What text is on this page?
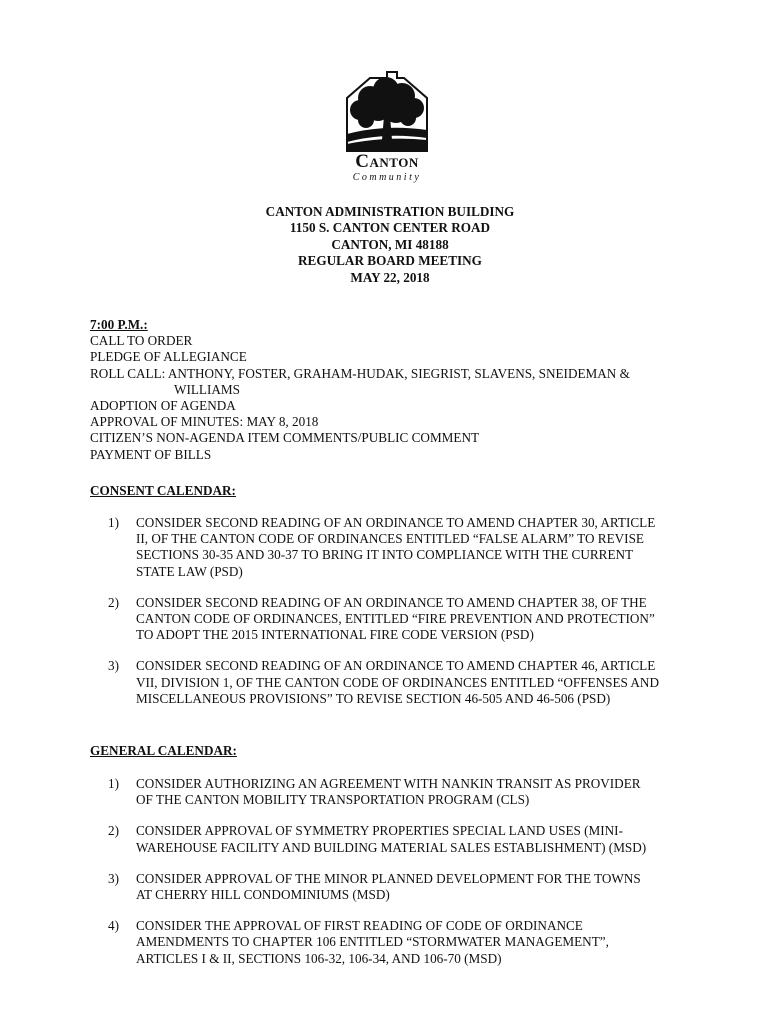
Canton
Community
CANTON ADMINISTRATION BUILDING
1150 S. CANTON CENTER ROAD
CANTON, MI 48188
REGULAR BOARD MEETING
MAY 22, 2018
7:00 P.M.:
CALL TO ORDER
PLEDGE OF ALLEGIANCE
ROLL CALL: ANTHONY, FOSTER, GRAHAM-HUDAK, SIEGRIST, SLAVENS, SNEIDEMAN &
WILLIAMS
ADOPTION OF AGENDA
APPROVAL OF MINUTES: MAY 8, 2018
CITIZEN’S NON-AGENDA ITEM COMMENTS/PUBLIC COMMENT
PAYMENT OF BILLS
CONSENT CALENDAR:
1) CONSIDER SECOND READING OF AN ORDINANCE TO AMEND CHAPTER 30, ARTICLE
II, OF THE CANTON CODE OF ORDINANCES ENTITLED “FALSE ALARM” TO REVISE
SECTIONS 30-35 AND 30-37 TO BRING IT INTO COMPLIANCE WITH THE CURRENT
STATE LAW (PSD)
2) CONSIDER SECOND READING OF AN ORDINANCE TO AMEND CHAPTER 38, OF THE
CANTON CODE OF ORDINANCES, ENTITLED “FIRE PREVENTION AND PROTECTION”
TO ADOPT THE 2015 INTERNATIONAL FIRE CODE VERSION (PSD)
3) CONSIDER SECOND READING OF AN ORDINANCE TO AMEND CHAPTER 46, ARTICLE
VII, DIVISION 1, OF THE CANTON CODE OF ORDINANCES ENTITLED “OFFENSES AND
MISCELLANEOUS PROVISIONS” TO REVISE SECTION 46-505 AND 46-506 (PSD)
GENERAL CALENDAR:
1) CONSIDER AUTHORIZING AN AGREEMENT WITH NANKIN TRANSIT AS PROVIDER
OF THE CANTON MOBILITY TRANSPORTATION PROGRAM (CLS)
2) CONSIDER APPROVAL OF SYMMETRY PROPERTIES SPECIAL LAND USES (MINI-
WAREHOUSE FACILITY AND BUILDING MATERIAL SALES ESTABLISHMENT) (MSD)
3) CONSIDER APPROVAL OF THE MINOR PLANNED DEVELOPMENT FOR THE TOWNS
AT CHERRY HILL CONDOMINIUMS (MSD)
4) CONSIDER THE APPROVAL OF FIRST READING OF CODE OF ORDINANCE
AMENDMENTS TO CHAPTER 106 ENTITLED “STORMWATER MANAGEMENT”,
ARTICLES I & II, SECTIONS 106-32, 106-34, AND 106-70 (MSD)
